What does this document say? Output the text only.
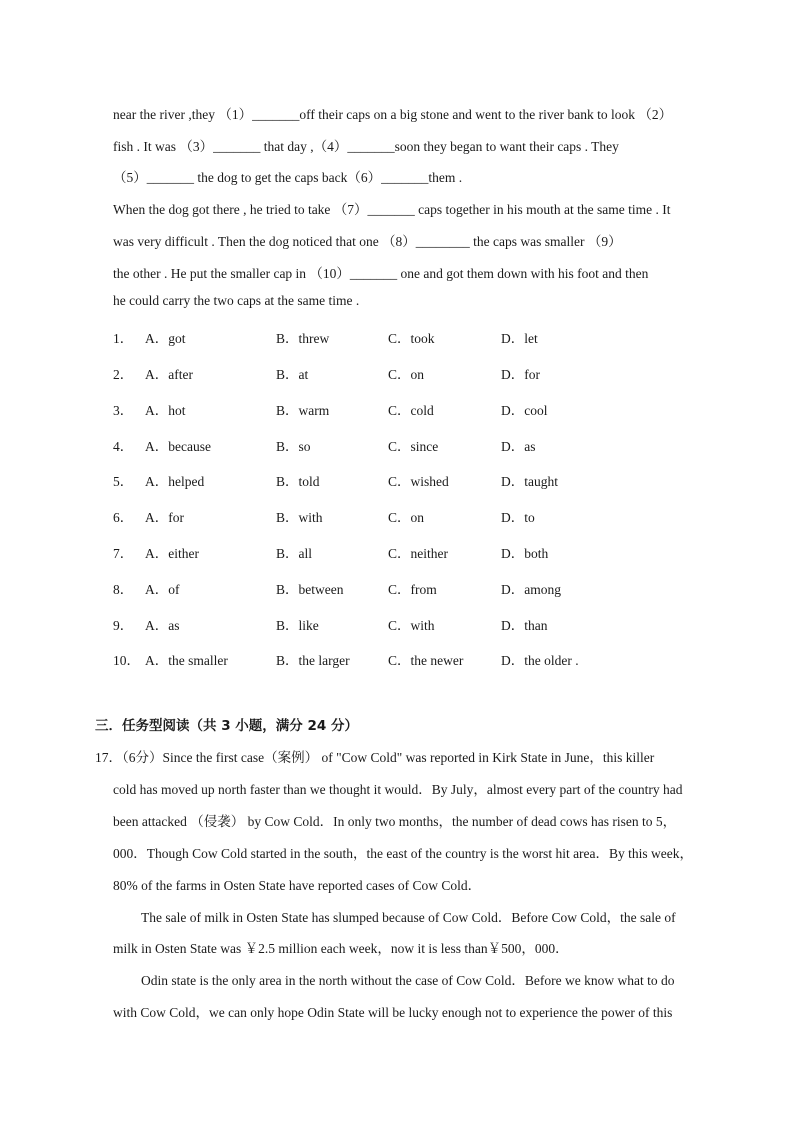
near the river ,they （1）_______off their caps on a big stone and went to the river bank to look （2）
fish . It was （3）_______ that day ,（4）_______soon they began to want their caps . They
（5）_______ the dog to get the caps back（6）_______them .
When the dog got there , he tried to take （7）_______ caps together in his mouth at the same time . It
was very difficult . Then the dog noticed that one （8）________ the caps was smaller （9）
the other . He put the smaller cap in （10）_______ one and got them down with his foot and then
he could carry the two caps at the same time .
1． A．got	B．threw	C．took	D．let
2． A．after	B．at	C．on	D．for
3． A．hot	B．warm	C．cold	D．cool
4． A．because	B．so	C．since	D．as
5． A．helped	B．told	C．wished	D．taught
6． A．for	B．with	C．on	D．to
7． A．either	B．all	C．neither	D．both
8． A．of	B．between	C．from	D．among
9． A．as	B．like	C．with	D．than
10． A．the smaller	B．the larger	C．the newer	D．the older .
三．任务型阅读（共 3 小题，满分 24 分）
17．（6分）Since the first case（案例） of "Cow Cold" was reported in Kirk State in June，this killer
cold has moved up north faster than we thought it would．By July，almost every part of the country had
been attacked （侵袭） by Cow Cold．In only two months，the number of dead cows has risen to 5，
000．Though Cow Cold started in the south，the east of the country is the worst hit area．By this week，
80% of the farms in Osten State have reported cases of Cow Cold．
The sale of milk in Osten State has slumped because of Cow Cold．Before Cow Cold，the sale of
milk in Osten State was ￥2.5 million each week，now it is less than￥500，000．
Odin state is the only area in the north without the case of Cow Cold．Before we know what to do
with Cow Cold，we can only hope Odin State will be lucky enough not to experience the power of this
